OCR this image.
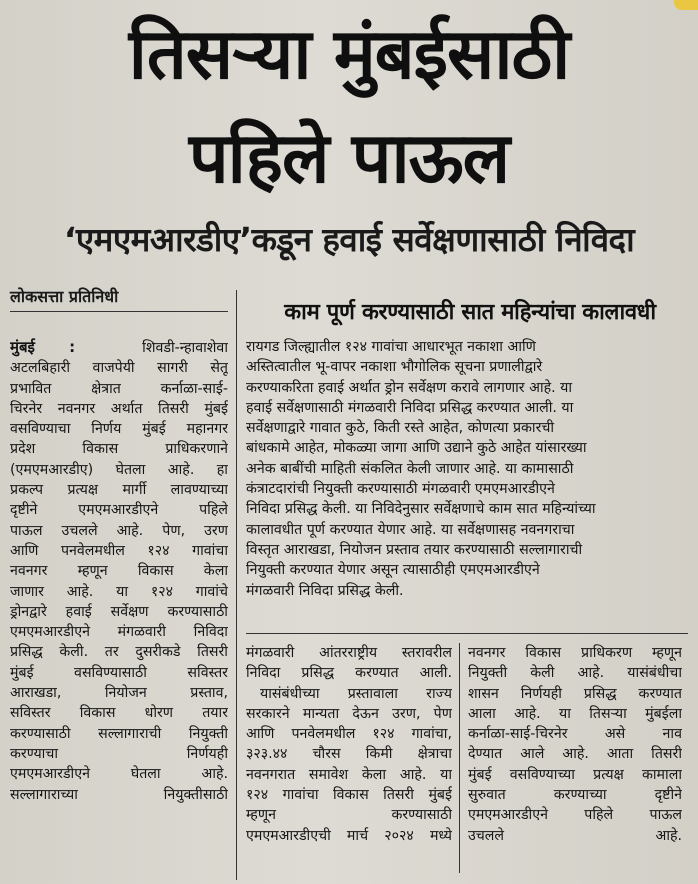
तिसऱ्या मुंबईसाठी
पहिले पाऊल
‘एमएमआरडीए’कडून हवाई सर्वेक्षणासाठी निविदा
लोकसत्ता प्रतिनिधी
काम पूर्ण करण्यासाठी सात महिन्यांचा कालावधी
मुंबई :	शिवडी-न्हावाशेवा
अटलबिहारी वाजपेयी सागरी सेतू
प्रभावित क्षेत्रात कर्नाळा-साई-
चिरनेर नवनगर अर्थात तिसरी मुंबई
वसविण्याचा निर्णय मुंबई महानगर
प्रदेश विकास प्राधिकरणाने
(एमएमआरडीए) घेतला आहे. हा
प्रकल्प प्रत्यक्ष मार्गी लावण्याच्या
दृष्टीने एमएमआरडीएने पहिले
पाऊल उचलले आहे. पेण, उरण
आणि पनवेलमधील १२४ गावांचा
नवनगर म्हणून विकास केला
जाणार आहे. या १२४ गावांचे
ड्रोनद्वारे हवाई सर्वेक्षण करण्यासाठी
एमएमआरडीएने मंगळवारी निविदा
प्रसिद्ध केली. तर दुसरीकडे तिसरी
मुंबई वसविण्यासाठी सविस्तर
आराखडा, नियोजन प्रस्ताव,
सविस्तर विकास धोरण तयार
करण्यासाठी सल्लागाराची नियुक्ती
करण्याचा निर्णयही
एमएमआरडीएने घेतला आहे.
सल्लागाराच्या नियुक्तीसाठी
रायगड जिल्ह्यातील १२४ गावांचा आधारभूत नकाशा आणि
अस्तित्वातील भू-वापर नकाशा भौगोलिक सूचना प्रणालीद्वारे
करण्याकरिता हवाई अर्थात ड्रोन सर्वेक्षण करावे लागणार आहे. या
हवाई सर्वेक्षणासाठी मंगळवारी निविदा प्रसिद्ध करण्यात आली. या
सर्वेक्षणाद्वारे गावात कुठे, किती रस्ते आहेत, कोणत्या प्रकारची
बांधकामे आहेत, मोकळ्या जागा आणि उद्याने कुठे आहेत यांसारख्या
अनेक बाबींची माहिती संकलित केली जाणार आहे. या कामासाठी
कंत्राटदारांची नियुक्ती करण्यासाठी मंगळवारी एमएमआरडीएने
निविदा प्रसिद्ध केली. या निविदेनुसार सर्वेक्षणाचे काम सात महिन्यांच्या
कालावधीत पूर्ण करण्यात येणार आहे. या सर्वेक्षणासह नवनगराचा
विस्तृत आराखडा, नियोजन प्रस्ताव तयार करण्यासाठी सल्लागाराची
नियुक्ती करण्यात येणार असून त्यासाठीही एमएमआरडीएने
मंगळवारी निविदा प्रसिद्ध केली.
मंगळवारी आंतरराष्ट्रीय स्तरावरील
निविदा प्रसिद्ध करण्यात आली.
यासंबंधीच्या प्रस्तावाला राज्य
सरकारने मान्यता देऊन उरण, पेण
आणि पनवेलमधील १२४ गावांचा,
३२३.४४ चौरस किमी क्षेत्राचा
नवनगरात समावेश केला आहे. या
१२४ गावांचा विकास तिसरी मुंबई
म्हणून करण्यासाठी
एमएमआरडीएची मार्च २०२४ मध्ये
नवनगर विकास प्राधिकरण म्हणून
नियुक्ती केली आहे. यासंबंधीचा
शासन निर्णयही प्रसिद्ध करण्यात
आला आहे. या तिसऱ्या मुंबईला
कर्नाळा-साई-चिरनेर असे नाव
देण्यात आले आहे. आता तिसरी
मुंबई वसविण्याच्या प्रत्यक्ष कामाला
सुरुवात करण्याच्या दृष्टीने
एमएमआरडीएने पहिले पाऊल
उचलले आहे.
